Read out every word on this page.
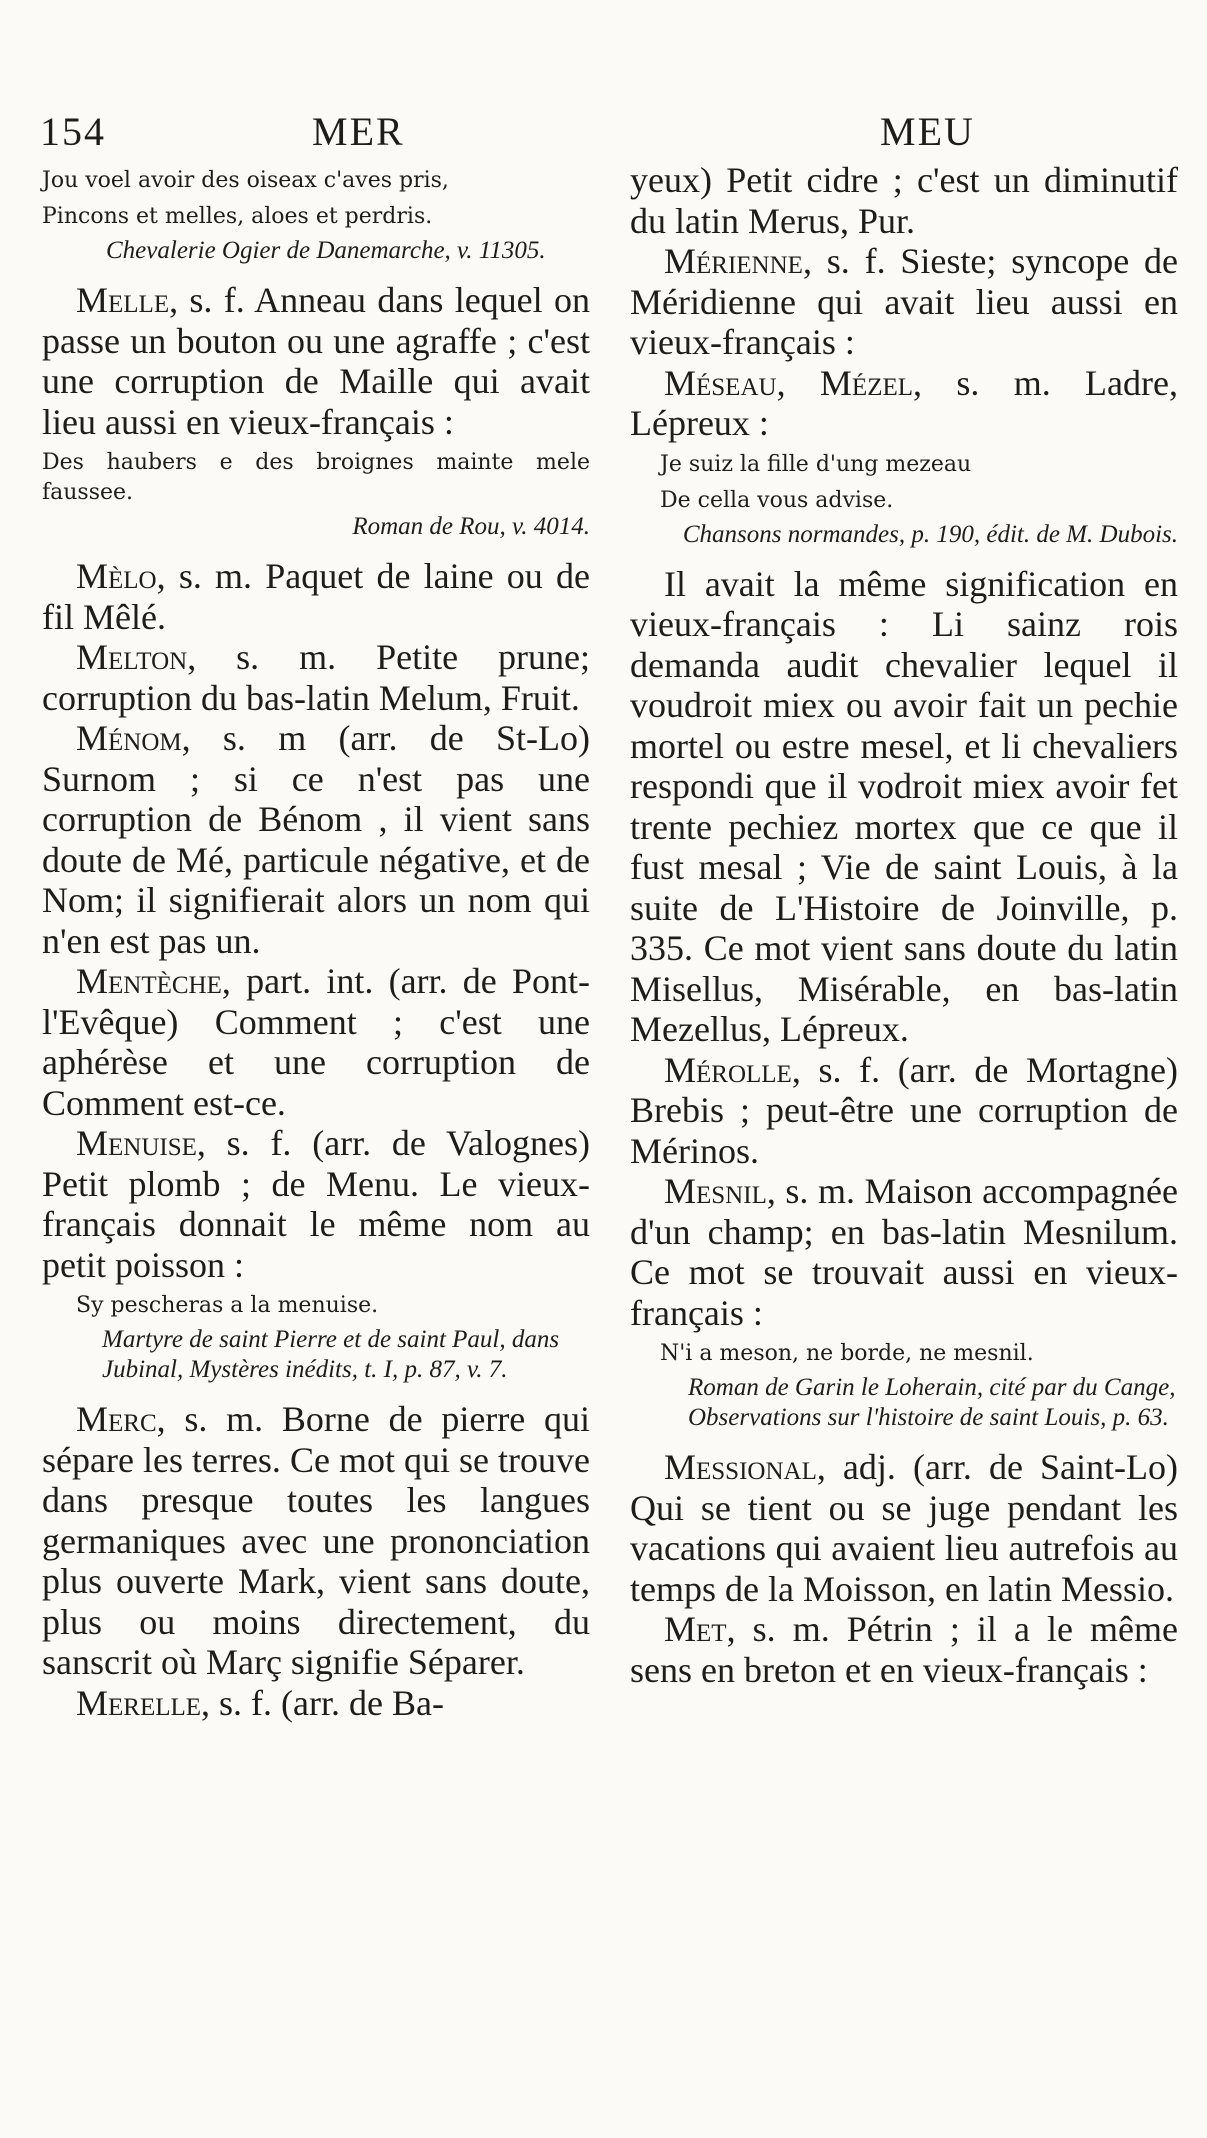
154	MER	MEU
Jou voel avoir des oiseax c'aves pris,
Pincons et melles, aloes et perdris.
Chevalerie Ogier de Danemarche, v. 11305.

Melle, s. f. Anneau dans lequel on passe un bouton ou une agraffe ; c'est une corruption de Maille qui avait lieu aussi en vieux-français :

Des haubers e des broignes mainte mele faussee.
Roman de Rou, v. 4014.

Mèlo, s. m. Paquet de laine ou de fil Mêlé.

Melton, s. m. Petite prune; corruption du bas-latin Melum, Fruit.

Ménom, s. m (arr. de St-Lo) Surnom ; si ce n'est pas une corruption de Bénom , il vient sans doute de Mé, particule négative, et de Nom; il signifierait alors un nom qui n'en est pas un.

Mentèche, part. int. (arr. de Pont-l'Evêque) Comment ; c'est une aphérèse et une corruption de Comment est-ce.

Menuise, s. f. (arr. de Valognes) Petit plomb ; de Menu. Le vieux-français donnait le même nom au petit poisson :

Sy pescheras a la menuise.
Martyre de saint Pierre et de saint Paul, dans Jubinal, Mystères inédits, t. I, p. 87, v. 7.

Merc, s. m. Borne de pierre qui sépare les terres. Ce mot qui se trouve dans presque toutes les langues germaniques avec une prononciation plus ouverte Mark, vient sans doute, plus ou moins directement, du sanscrit où Març signifie Séparer.

Merelle, s. f. (arr. de Ba-

yeux) Petit cidre ; c'est un diminutif du latin Merus, Pur.

Mérienne, s. f. Sieste; syncope de Méridienne qui avait lieu aussi en vieux-français :

Méseau, Mézel, s. m. Ladre, Lépreux :

Je suiz la fille d'ung mezeau
De cella vous advise.
Chansons normandes, p. 190, édit. de M. Dubois.

Il avait la même signification en vieux-français : Li sainz rois demanda audit chevalier lequel il voudroit miex ou avoir fait un pechie mortel ou estre mesel, et li chevaliers respondi que il vodroit miex avoir fet trente pechiez mortex que ce que il fust mesal ; Vie de saint Louis, à la suite de L'Histoire de Joinville, p. 335. Ce mot vient sans doute du latin Misellus, Misérable, en bas-latin Mezellus, Lépreux.

Mérolle, s. f. (arr. de Mortagne) Brebis ; peut-être une corruption de Mérinos.

Mesnil, s. m. Maison accompagnée d'un champ; en bas-latin Mesnilum. Ce mot se trouvait aussi en vieux-français :

N'i a meson, ne borde, ne mesnil.
Roman de Garin le Loherain, cité par du Cange, Observations sur l'histoire de saint Louis, p. 63.

Messional, adj. (arr. de Saint-Lo) Qui se tient ou se juge pendant les vacations qui avaient lieu autrefois au temps de la Moisson, en latin Messio.

Met, s. m. Pétrin ; il a le même sens en breton et en vieux-français :
